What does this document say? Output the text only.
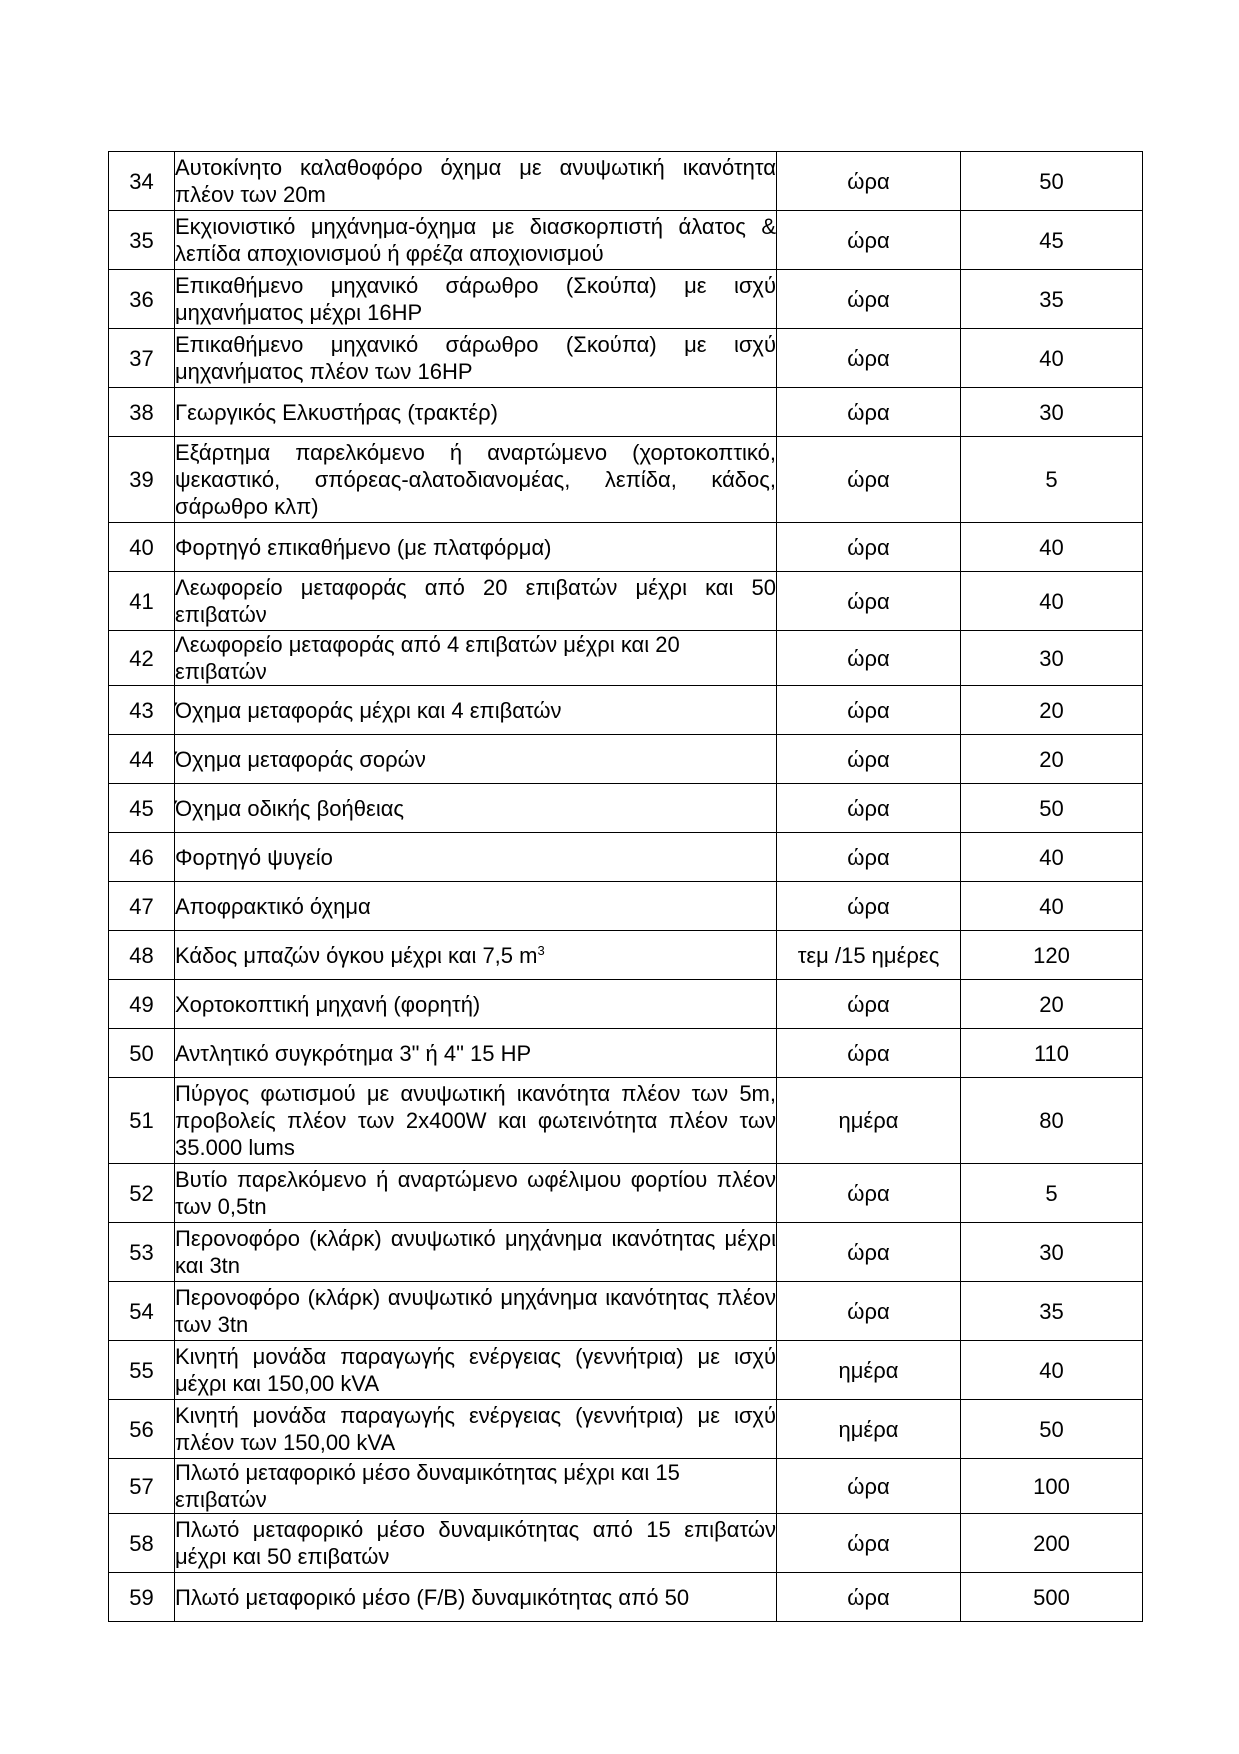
34	Αυτοκίνητο καλαθοφόρο όχημα με ανυψωτική ικανότητα πλέον των 20m	ώρα	50
35	Εκχιονιστικό μηχάνημα-όχημα με διασκορπιστή άλατος & λεπίδα αποχιονισμού ή φρέζα αποχιονισμού	ώρα	45
36	Επικαθήμενο μηχανικό σάρωθρο (Σκούπα) με ισχύ μηχανήματος μέχρι 16HP	ώρα	35
37	Επικαθήμενο μηχανικό σάρωθρο (Σκούπα) με ισχύ μηχανήματος πλέον των 16HP	ώρα	40
38	Γεωργικός Ελκυστήρας (τρακτέρ)	ώρα	30
39	Εξάρτημα παρελκόμενο ή αναρτώμενο (χορτοκοπτικό, ψεκαστικό, σπόρεας-αλατοδιανομέας, λεπίδα, κάδος, σάρωθρο κλπ)	ώρα	5
40	Φορτηγό επικαθήμενο (με πλατφόρμα)	ώρα	40
41	Λεωφορείο μεταφοράς από 20 επιβατών μέχρι και 50 επιβατών	ώρα	40
42	Λεωφορείο μεταφοράς από 4 επιβατών μέχρι και 20 επιβατών	ώρα	30
43	Όχημα μεταφοράς μέχρι και 4 επιβατών	ώρα	20
44	Όχημα μεταφοράς σορών	ώρα	20
45	Όχημα οδικής βοήθειας	ώρα	50
46	Φορτηγό ψυγείο	ώρα	40
47	Αποφρακτικό όχημα	ώρα	40
48	Κάδος μπαζών όγκου μέχρι και 7,5 $m^3$	τεμ /15 ημέρες	120
49	Χορτοκοπτική μηχανή (φορητή)	ώρα	20
50	Αντλητικό συγκρότημα 3" ή 4" 15 HP	ώρα	110
51	Πύργος φωτισμού με ανυψωτική ικανότητα πλέον των 5m, προβολείς πλέον των 2x400W και φωτεινότητα πλέον των 35.000 lums	ημέρα	80
52	Βυτίο παρελκόμενο ή αναρτώμενο ωφέλιμου φορτίου πλέον των 0,5tn	ώρα	5
53	Περονοφόρο (κλάρκ) ανυψωτικό μηχάνημα ικανότητας μέχρι και 3tn	ώρα	30
54	Περονοφόρο (κλάρκ) ανυψωτικό μηχάνημα ικανότητας πλέον των 3tn	ώρα	35
55	Κινητή μονάδα παραγωγής ενέργειας (γεννήτρια) με ισχύ μέχρι και 150,00 kVA	ημέρα	40
56	Κινητή μονάδα παραγωγής ενέργειας (γεννήτρια) με ισχύ πλέον των 150,00 kVA	ημέρα	50
57	Πλωτό μεταφορικό μέσο δυναμικότητας μέχρι και 15 επιβατών	ώρα	100
58	Πλωτό μεταφορικό μέσο δυναμικότητας από 15 επιβατών μέχρι και 50 επιβατών	ώρα	200
59	Πλωτό μεταφορικό μέσο (F/B) δυναμικότητας από 50	ώρα	500
